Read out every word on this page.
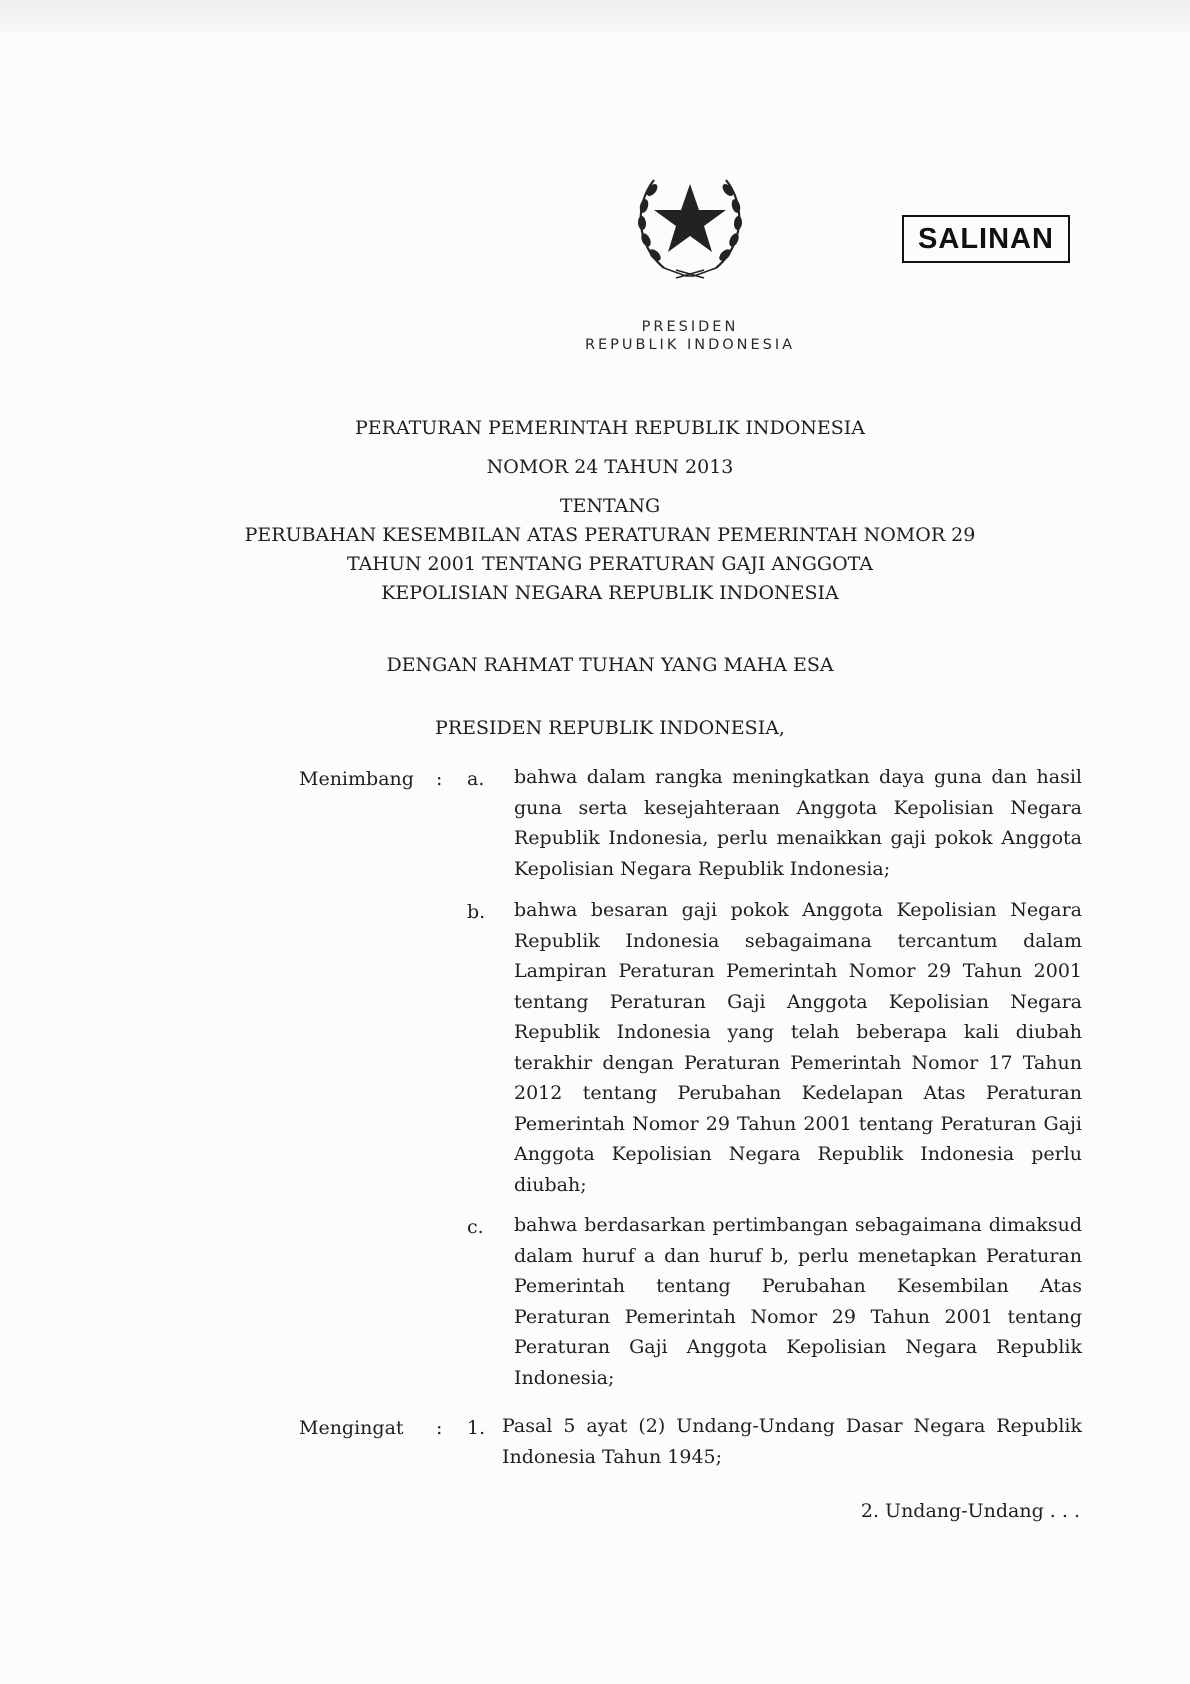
SALINAN
PRESIDEN
REPUBLIK INDONESIA
PERATURAN PEMERINTAH REPUBLIK INDONESIA
NOMOR 24 TAHUN 2013
TENTANG
PERUBAHAN KESEMBILAN ATAS PERATURAN PEMERINTAH NOMOR 29
TAHUN 2001 TENTANG PERATURAN GAJI ANGGOTA
KEPOLISIAN NEGARA REPUBLIK INDONESIA
DENGAN RAHMAT TUHAN YANG MAHA ESA
PRESIDEN REPUBLIK INDONESIA,
Menimbang : a. bahwa dalam rangka meningkatkan daya guna dan hasil guna serta kesejahteraan Anggota Kepolisian Negara Republik Indonesia, perlu menaikkan gaji pokok Anggota Kepolisian Negara Republik Indonesia;
b. bahwa besaran gaji pokok Anggota Kepolisian Negara Republik Indonesia sebagaimana tercantum dalam Lampiran Peraturan Pemerintah Nomor 29 Tahun 2001 tentang Peraturan Gaji Anggota Kepolisian Negara Republik Indonesia yang telah beberapa kali diubah terakhir dengan Peraturan Pemerintah Nomor 17 Tahun 2012 tentang Perubahan Kedelapan Atas Peraturan Pemerintah Nomor 29 Tahun 2001 tentang Peraturan Gaji Anggota Kepolisian Negara Republik Indonesia perlu diubah;
c. bahwa berdasarkan pertimbangan sebagaimana dimaksud dalam huruf a dan huruf b, perlu menetapkan Peraturan Pemerintah tentang Perubahan Kesembilan Atas Peraturan Pemerintah Nomor 29 Tahun 2001 tentang Peraturan Gaji Anggota Kepolisian Negara Republik Indonesia;
Mengingat : 1. Pasal 5 ayat (2) Undang-Undang Dasar Negara Republik Indonesia Tahun 1945;
2. Undang-Undang . . .
